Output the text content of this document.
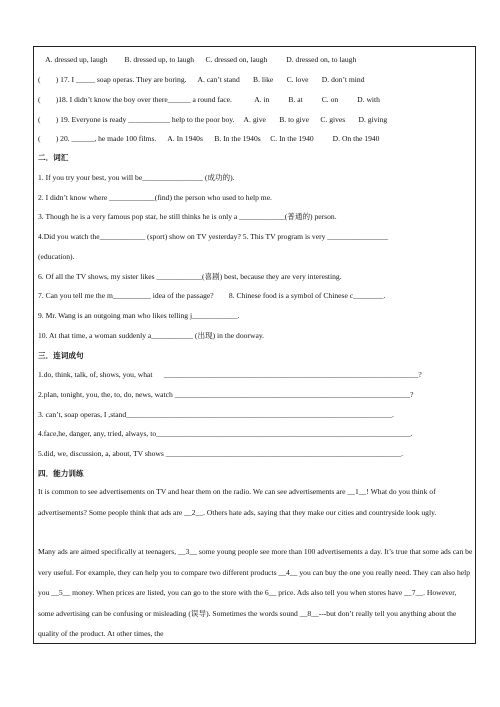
A. dressed up, laugh         B. dressed up, to laugh      C. dressed on, laugh          D. dressed on, to laugh
(        ) 17. I _____ soap operas. They are boring.      A. can’t stand       B. like       C. love       D. don’t mind
(        )18. I didn’t know the boy over there______ a round face.            A. in          B. at          C. on          D. with
(        ) 19. Everyone is ready ___________ help to the poor boy.     A. give       B. to give      C. gives       D. giving
(        ) 20. ______, he made 100 films.      A. In 1940s      B. In the 1940s     C. In the 1940          D. On the 1940
二．词汇
1. If you try your best, you will be________________ (成功的).
2. I didn’t know where ____________(find) the person who used to help me.
3. Though he is a very famous pop star, he still thinks he is only a ____________(普通的) person.
4.Did you watch the____________ (sport) show on TV yesterday? 5. This TV program is very ________________
(education).
6. Of all the TV shows, my sister likes ____________(喜剧) best, because they are very interesting.
7. Can you tell me the m__________ idea of the passage?        8. Chinese food is a symbol of Chinese c________.
9. Mr. Wang is an outgoing man who likes telling j____________.
10. At that time, a woman suddenly a___________ (出现) in the doorway.
三．连词成句
1.do, think, talk, of, shows, you, what      ___________________________________________________________________?
2.plan, tonight, you, the, to, do, news, watch ______________________________________________________________?
3. can’t, soap operas, I ,stand______________________________________________________________________.
4.face,he, danger, any, tried, always, to___________________________________________________________________.
5.did, we, discussion, a, about, TV shows ______________________________________________________________.
四．能力训练
It is common to see advertisements on TV and hear them on the radio. We can see advertisements are __1__! What do you think of advertisements? Some people think that ads are __2__. Others hate ads, saying that they make our cities and countryside look ugly.
Many ads are aimed specifically at teenagers, __3__ some young people see more than 100 advertisements a day. It’s true that some ads can be very useful. For example, they can help you to compare two different products __4__ you can buy the one you really need. They can also help you __5__ money. When prices are listed, you can go to the store with the 6__ price. Ads also tell you when stores have __7__. However, some advertising can be confusing or misleading (误导). Sometimes the words sound __8__---but don’t really tell you anything about the quality of the product. At other times, the
